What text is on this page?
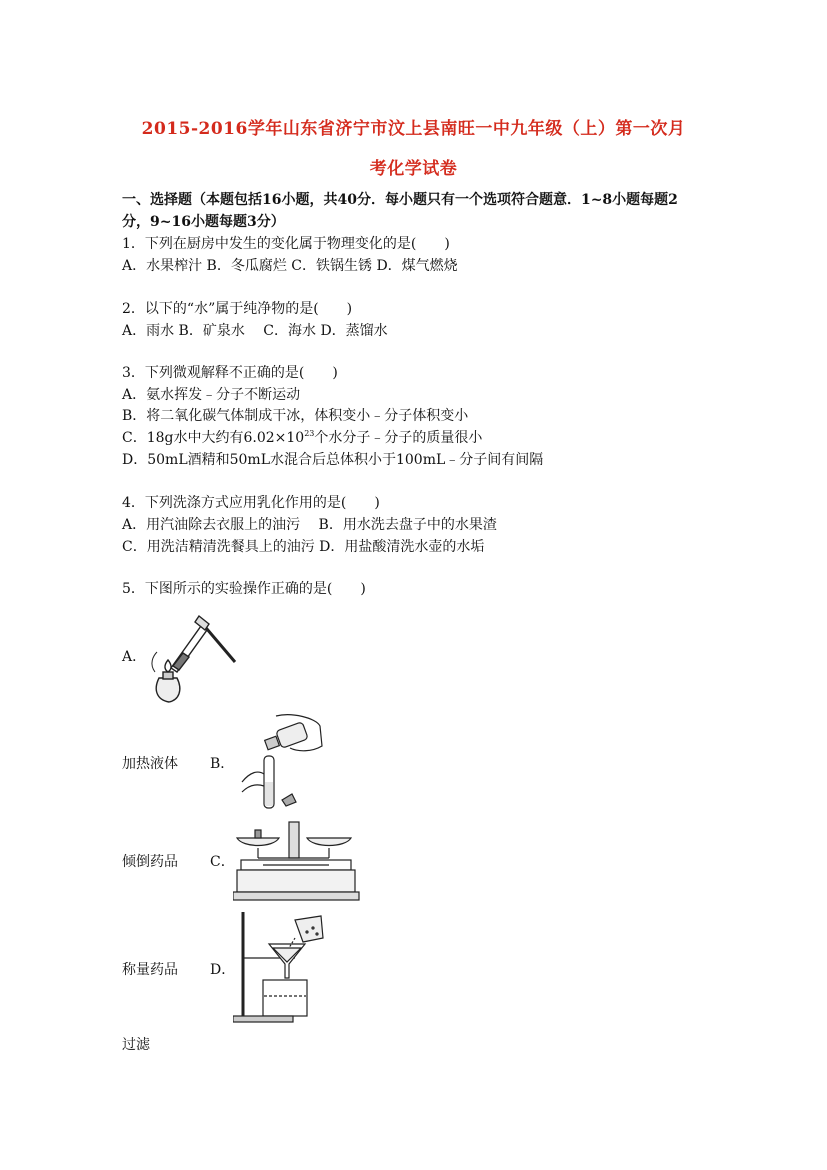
2015-2016学年山东省济宁市汶上县南旺一中九年级（上）第一次月
考化学试卷
一、选择题（本题包括16小题，共40分．每小题只有一个选项符合题意．1~8小题每题2
分，9~16小题每题3分）
1．下列在厨房中发生的变化属于物理变化的是(　　)
A．水果榨汁 B．冬瓜腐烂 C．铁锅生锈 D．煤气燃烧
2．以下的“水”属于纯净物的是(　　)
A．雨水 B．矿泉水　 C．海水 D．蒸馏水
3．下列微观解释不正确的是(　　)
A．氨水挥发﹣分子不断运动
B．将二氧化碳气体制成干冰，体积变小﹣分子体积变小
C．18g水中大约有$6.02\times 10^{23}$个水分子﹣分子的质量很小
D．50mL酒精和50mL水混合后总体积小于100mL﹣分子间有间隔
4．下列洗涤方式应用乳化作用的是(　　)
A．用汽油除去衣服上的油污　 B．用水洗去盘子中的水果渣
C．用洗洁精清洗餐具上的油污 D．用盐酸清洗水壶的水垢
5．下图所示的实验操作正确的是(　　)
A．
加热液体 B．
倾倒药品 C．
称量药品 D．
过滤
